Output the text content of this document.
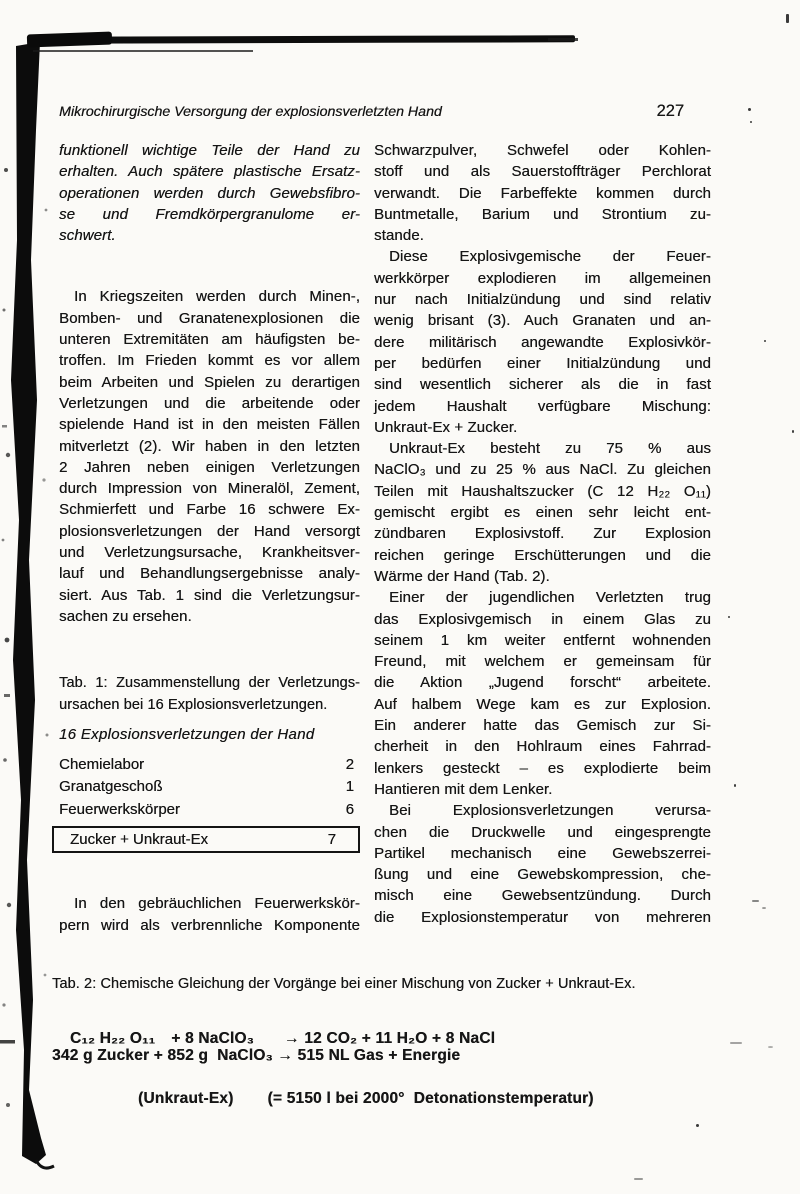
Mikrochirurgische Versorgung der explosionsverletzten Hand	227
funktionell wichtige Teile der Hand zu
erhalten. Auch spätere plastische Ersatz-
operationen werden durch Gewebsfibro-
se und Fremdkörpergranulome er-
schwert.
In Kriegszeiten werden durch Minen-,
Bomben- und Granatenexplosionen die
unteren Extremitäten am häufigsten be-
troffen. Im Frieden kommt es vor allem
beim Arbeiten und Spielen zu derartigen
Verletzungen und die arbeitende oder
spielende Hand ist in den meisten Fällen
mitverletzt (2). Wir haben in den letzten
2 Jahren neben einigen Verletzungen
durch Impression von Mineralöl, Zement,
Schmierfett und Farbe 16 schwere Ex-
plosionsverletzungen der Hand versorgt
und Verletzungsursache, Krankheitsver-
lauf und Behandlungsergebnisse analy-
siert. Aus Tab. 1 sind die Verletzungsur-
sachen zu ersehen.
Tab. 1: Zusammenstellung der Verletzungs-
ursachen bei 16 Explosionsverletzungen.
16 Explosionsverletzungen der Hand
Chemielabor	2
Granatgeschoß	1
Feuerwerkskörper	6
Zucker + Unkraut-Ex	7
In den gebräuchlichen Feuerwerkskör-
pern wird als verbrennliche Komponente
Schwarzpulver, Schwefel oder Kohlen-
stoff und als Sauerstoffträger Perchlorat
verwandt. Die Farbeffekte kommen durch
Buntmetalle, Barium und Strontium zu-
stande.
Diese Explosivgemische der Feuer-
werkkörper explodieren im allgemeinen
nur nach Initialzündung und sind relativ
wenig brisant (3). Auch Granaten und an-
dere militärisch angewandte Explosivkör-
per bedürfen einer Initialzündung und
sind wesentlich sicherer als die in fast
jedem Haushalt verfügbare Mischung:
Unkraut-Ex + Zucker.
Unkraut-Ex besteht zu 75 % aus
NaClO₃ und zu 25 % aus NaCl. Zu gleichen
Teilen mit Haushaltszucker (C 12 H₂₂ O₁₁)
gemischt ergibt es einen sehr leicht ent-
zündbaren Explosivstoff. Zur Explosion
reichen geringe Erschütterungen und die
Wärme der Hand (Tab. 2).
Einer der jugendlichen Verletzten trug
das Explosivgemisch in einem Glas zu
seinem 1 km weiter entfernt wohnenden
Freund, mit welchem er gemeinsam für
die Aktion „Jugend forscht“ arbeitete.
Auf halbem Wege kam es zur Explosion.
Ein anderer hatte das Gemisch zur Si-
cherheit in den Hohlraum eines Fahrrad-
lenkers gesteckt – es explodierte beim
Hantieren mit dem Lenker.
Bei Explosionsverletzungen verursa-
chen die Druckwelle und eingesprengte
Partikel mechanisch eine Gewebszerrei-
ßung und eine Gewebskompression, che-
misch eine Gewebsentzündung. Durch
die Explosionstemperatur von mehreren
Tab. 2: Chemische Gleichung der Vorgänge bei einer Mischung von Zucker + Unkraut-Ex.

C₁₂ H₂₂ O₁₁ + 8 NaClO₃ → 12 CO₂ + 11 H₂O + 8 NaCl

342 g Zucker + 852 g  NaClO₃ → 515 NL Gas + Energie

(Unkraut-Ex) (= 5150 l bei 2000°  Detonationstemperatur)
